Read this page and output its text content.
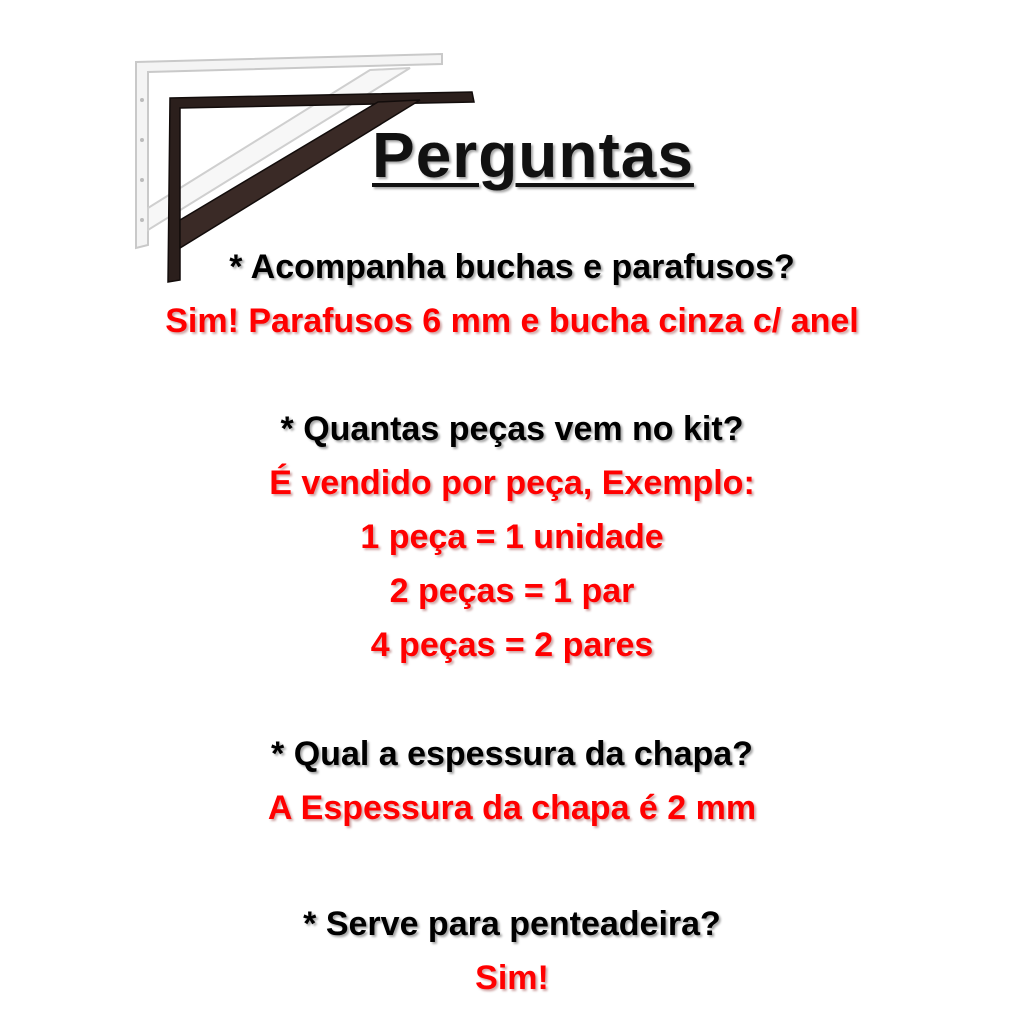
Perguntas
* Acompanha buchas e parafusos?
Sim! Parafusos 6 mm e bucha cinza c/ anel
* Quantas peças vem no kit?
É vendido por peça, Exemplo:
1 peça = 1 unidade
2 peças = 1 par
4 peças = 2 pares
* Qual a espessura da chapa?
A Espessura da chapa é 2 mm
* Serve para penteadeira?
Sim!
